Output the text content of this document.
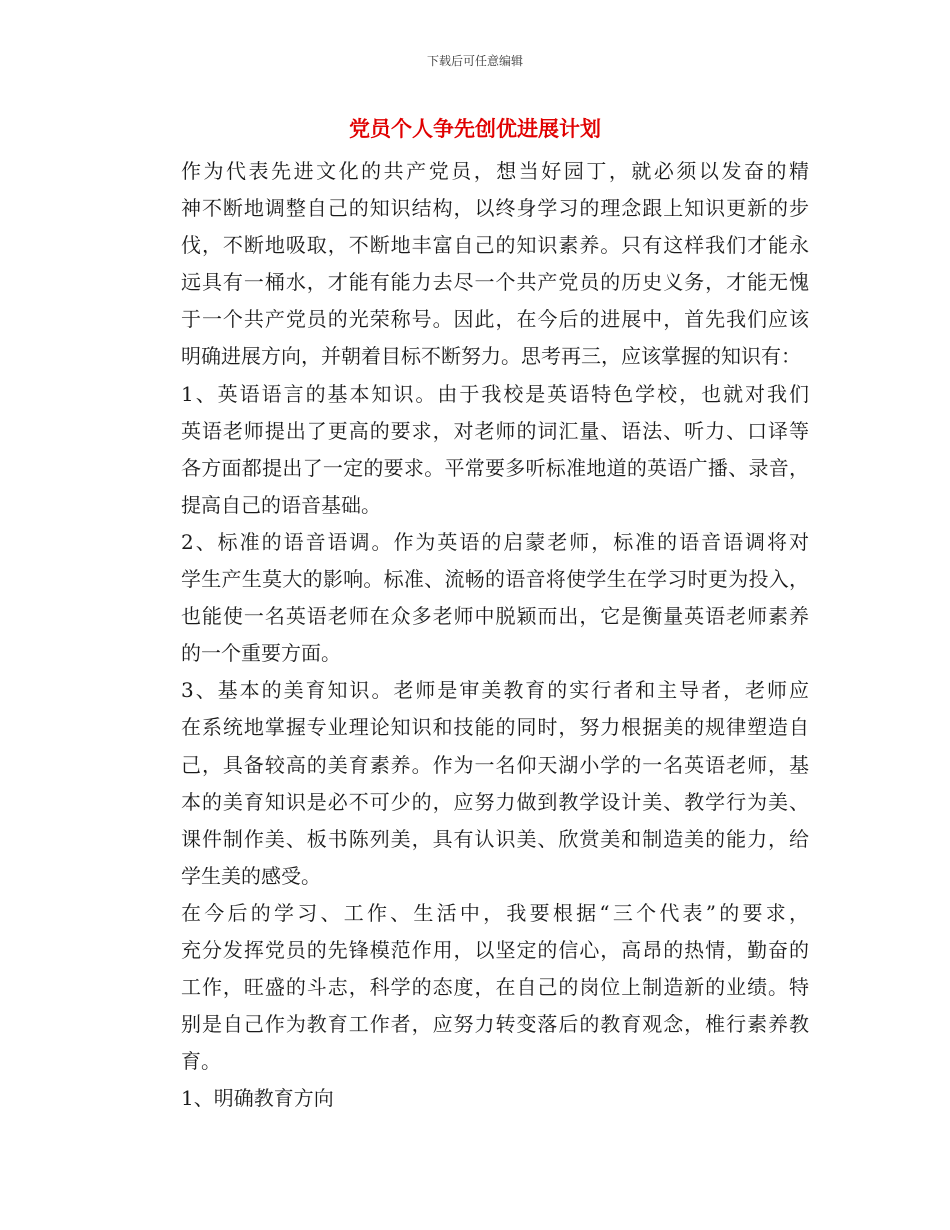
下载后可任意编辑
党员个人争先创优进展计划

作为代表先进文化的共产党员，想当好园丁，就必须以发奋的精
神不断地调整自己的知识结构，以终身学习的理念跟上知识更新的步
伐，不断地吸取，不断地丰富自己的知识素养。只有这样我们才能永
远具有一桶水，才能有能力去尽一个共产党员的历史义务，才能无愧
于一个共产党员的光荣称号。因此，在今后的进展中，首先我们应该
明确进展方向，并朝着目标不断努力。思考再三，应该掌握的知识有：

1、英语语言的基本知识。由于我校是英语特色学校，也就对我们
英语老师提出了更高的要求，对老师的词汇量、语法、听力、口译等
各方面都提出了一定的要求。平常要多听标准地道的英语广播、录音，
提高自己的语音基础。

2、标准的语音语调。作为英语的启蒙老师，标准的语音语调将对
学生产生莫大的影响。标准、流畅的语音将使学生在学习时更为投入，
也能使一名英语老师在众多老师中脱颖而出，它是衡量英语老师素养
的一个重要方面。

3、基本的美育知识。老师是审美教育的实行者和主导者，老师应
在系统地掌握专业理论知识和技能的同时，努力根据美的规律塑造自
己，具备较高的美育素养。作为一名仰天湖小学的一名英语老师，基
本的美育知识是必不可少的，应努力做到教学设计美、教学行为美、
课件制作美、板书陈列美，具有认识美、欣赏美和制造美的能力，给
学生美的感受。

在今后的学习、工作、生活中，我要根据“三个代表”的要求，
充分发挥党员的先锋模范作用，以坚定的信心，高昂的热情，勤奋的
工作，旺盛的斗志，科学的态度，在自己的岗位上制造新的业绩。特
别是自己作为教育工作者，应努力转变落后的教育观念，椎行素养教
育。

1、明确教育方向
